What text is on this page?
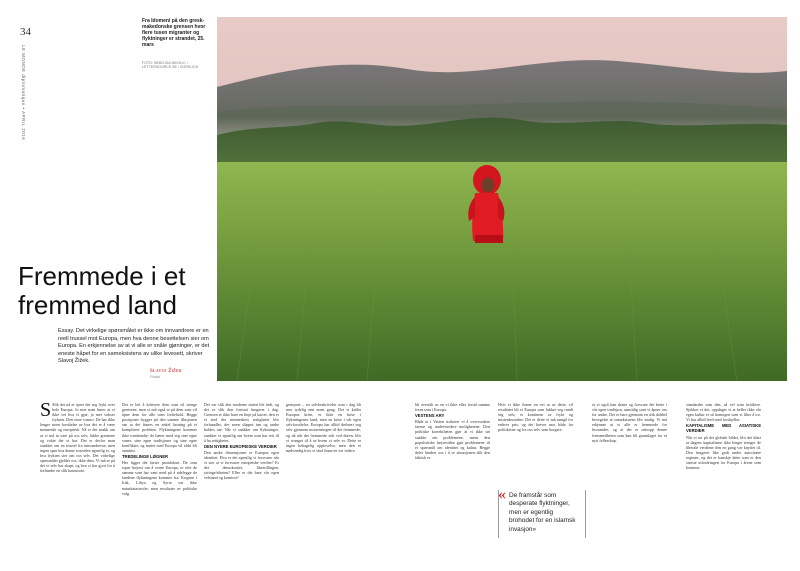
34
LE MONDE diplomatique • APRIL 2016
Fra Idomeni på den gresk-makedonske grensen hvor flere tusen migranter og flyktninger er strandet, 25. mars
FOTO: NEBOJSA NIKOLIC / LETTERSOURCE.SE / SORELICH
Fremmede i et fremmed land
Essay. Det virkelige spørsmålet er ikke om innvandrere er en reell trussel mot Europa, men hva denne besettelsen sier om Europa. En erkjennelse av at vi alle er snåle gjøninger, er det eneste håpet for en sameksistens av ulike levesett, skriver Slavoj Žižek.
Slavoj Žižek
Filosof
S Slik det nå er sprer det seg frykt over hele Europa. Jo mer man hører at vi ikke vet hva vi gjør, jo mer vokser frykten. Den store vantro: De har ikke lenger noen forståelse av hva det er å være menneske og europeisk. Nå er det snakk om at vi må ta vare på oss selv, lukke grensene og vokte det vi har. Det er derfor man snakker om en trussel fra innvandrerne, men ingen spør hva denne trusselen egentlig er, og hva frykten sier om oss selv. Det virkelige spørsmålet gjelder oss, ikke dem. Vi må se på det vi selv har skapt, og hva vi har gjort for å forhindre en slik katastrofe.

Det er lett å kritisere dem som vil stenge grensene, men vi må også se på dem som vil åpne dem for alle uten forbehold. Begge posisjoner bygger på den samme illusjonen om at det finnes en enkel løsning på et komplisert problem. Flyktningene kommer ikke tomhendte; de bærer med seg sine egne vaner, sine egne tradisjoner og sine egne konflikter, og møtet med Europa vil aldri bli sømløst.

TREDELINGE LØGNER

Her ligger det første paradokset. De som roper høyest om å verne Europa, er ofte de samme som har vært med på å ødelegge de landene flyktningene kommer fra. Krigene i Irak, Libya og Syria var ikke naturkatastrofer, men resultater av politiske valg.

Det var slik den moderne staten ble født, og det er slik den fortsatt fungerer i dag. Grensen er ikke bare en linje på kartet; den er et sted der menneskers rettigheter blir forhandlet, der noen slippes inn og andre holdes ute. Når vi snakker om flyktninger, snakker vi egentlig om hvem som har rett til å ha rettigheter.

DEN NYERE EUROPEISKE VERDIER

Den andre dimensjonen er Europas egen identitet. Hva er det egentlig vi forsvarer når vi sier at vi forsvarer europeiske verdier? Er det demokratiet, likestillingen, ytringsfriheten? Eller er det bare vår egen velstand og komfort?

gensynte – en selvbeskrivelse som i dag bli mer tydelig enn noen gang. Det vi kaller Europas krise, er ikke en krise i flyktningenes land, men en krise i vår egen selvforståelse. Europa har alltid definert seg selv gjennom motsetningen til det fremmede, og nå når det fremmede står ved døren, blir vi tvunget til å se hvem vi selv er. Dette er ingen behagelig opplevelse, men den er nødvendig hvis vi skal finne en vei videre.

bli overtalt av en vi ikke eller forstå samme form som i Europa.

VESTENS ARY

Både at i Vesten risikerer vi å overvurdere farene og undervurdere mulighetene. Den politiske korrektheten gjør at vi ikke tør snakke om problemene, mens den populistiske høyresiden gjør problemene til et spørsmål om identitet og kultur. Begge deler hindrer oss i å se situasjonen slik den faktisk er.

Hvis vi ikke finner en vei ut av dette, vil resultatet bli et Europa som lukker seg rundt seg selv, et kontinent av frykt og mistenksomhet. Det er dette vi må unngå for enhver pris, og det krever mot både fra politikerne og fra oss selv som borgere.

« De framstår som desperate flyktninger, men er egentlig brohodet for en islamsk invasjon»

at vi også kan skatte og forsvare det beste i vår egen tradisjon, samtidig som vi åpner oss for andre. Det er bare gjennom en slik dobbel bevegelse at sameksistens blir mulig. Vi må erkjenne at vi alle er fremmede for hverandre, og at det er nettopp denne fremmedheten som kan bli grunnlaget for et nytt fellesskap.

standarder som den, så vel som kritikere. Sjekker vi det, oppdager vi at heller ikke vår egen kultur er så homogen som vi liker å tro. Vi har alltid levd med forskjeller.

KAPITALISME MED ASIATISKE VERDIER

Når vi ser på det globale bildet, blir det klart at dagens kapitalisme ikke lenger trenger de liberale verdiene den en gang var knyttet til. Den fungerer like godt under autoritære regimer, og det er kanskje dette som er den største utfordringen for Europa i årene som kommer.
